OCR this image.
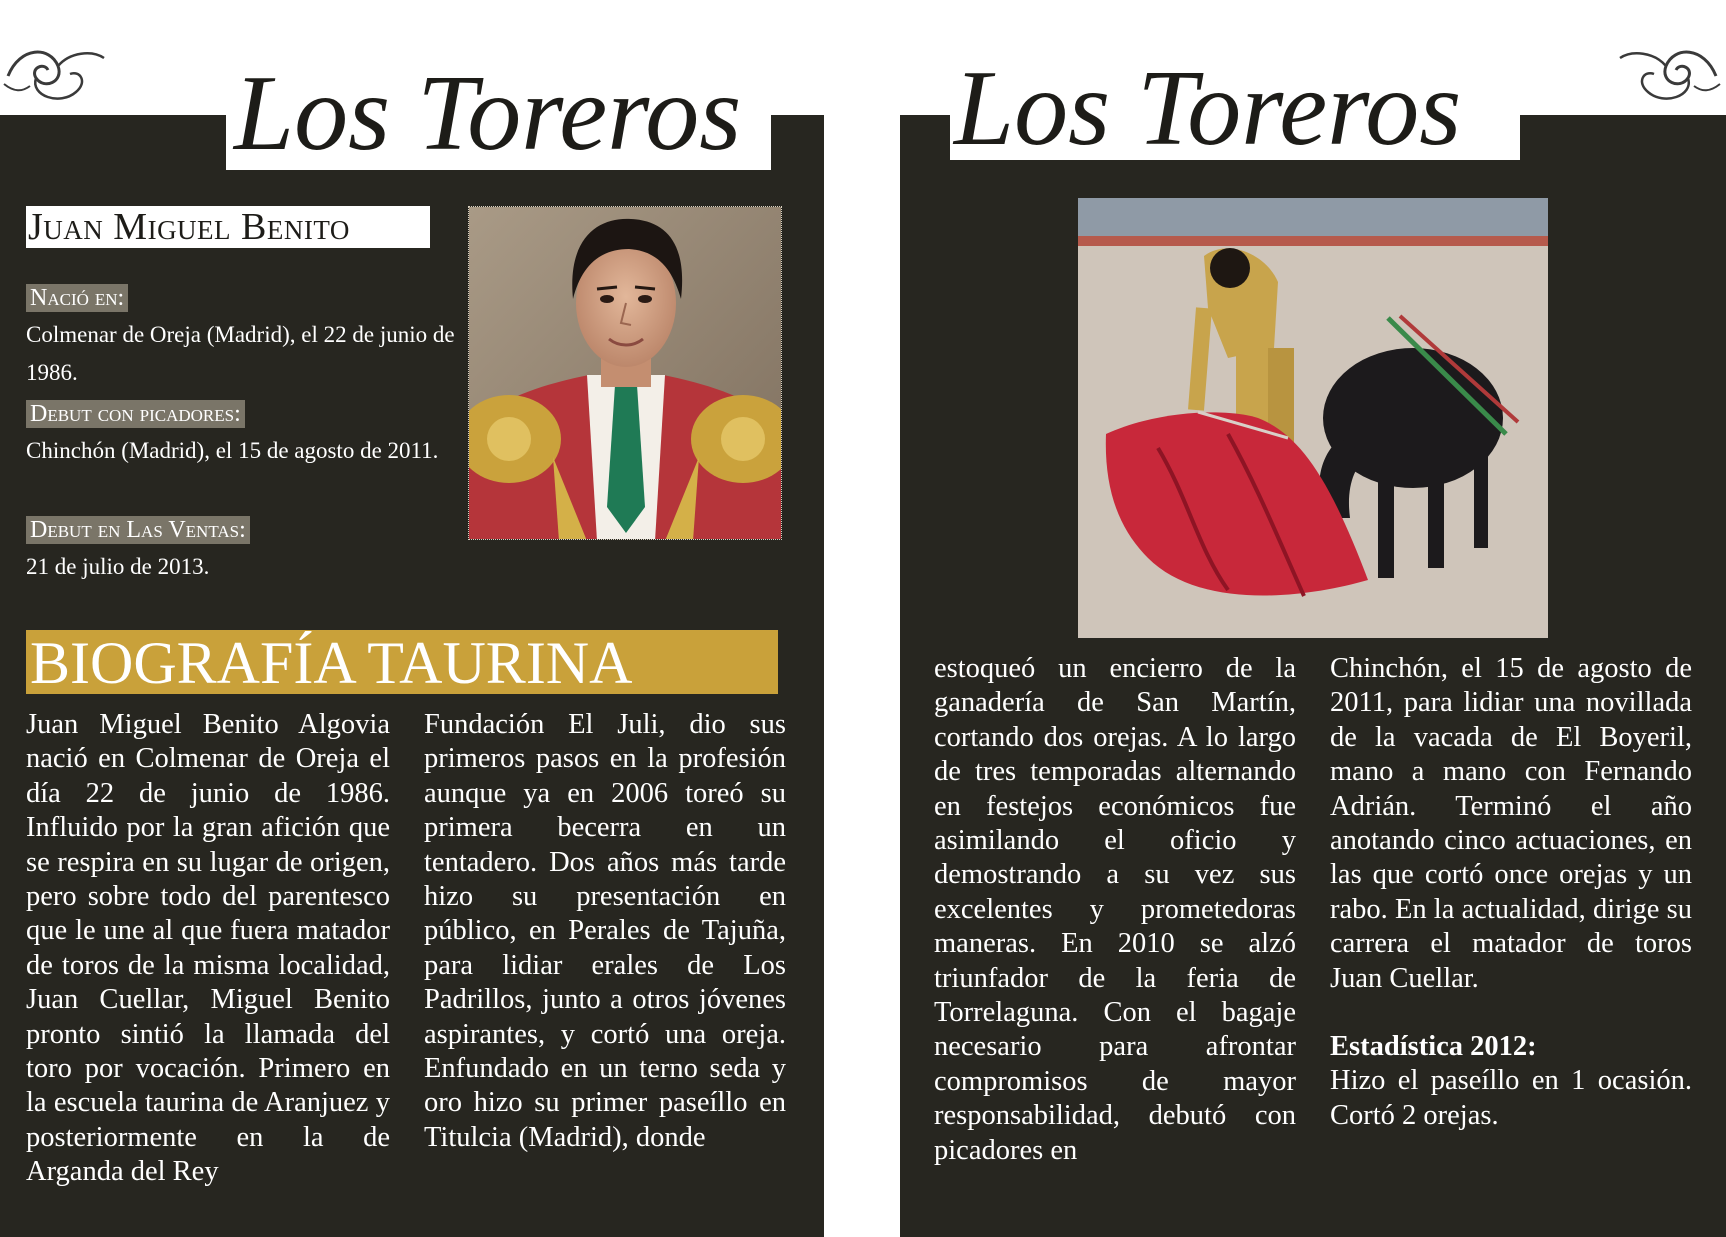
Los Toreros
Juan Miguel Benito
Nació en:
Colmenar de Oreja (Madrid), el 22 de junio de 1986.
Debut con picadores:
Chinchón (Madrid), el 15 de agosto de 2011.
Debut en Las Ventas:
21 de julio de 2013.
BIOGRAFÍA TAURINA

Juan Miguel Benito Algovia nació en Colmenar de Oreja el día 22 de junio de 1986. Influido por la gran afición que se respira en su lugar de origen, pero sobre todo del parentesco que le une al que fuera matador de toros de la misma localidad, Juan Cuellar, Miguel Benito pronto sintió la llamada del toro por vocación. Primero en la escuela taurina de Aranjuez y posteriormente en la de Arganda del Rey

Fundación El Juli, dio sus primeros pasos en la profesión aunque ya en 2006 toreó su primera becerra en un tentadero. Dos años más tarde hizo su presentación en público, en Perales de Tajuña, para lidiar erales de Los Padrillos, junto a otros jóvenes aspirantes, y cortó una oreja. Enfundado en un terno seda y oro hizo su primer paseíllo en Titulcia (Madrid), donde

Los Toreros

estoqueó un encierro de la ganadería de San Martín, cortando dos orejas. A lo largo de tres temporadas alternando en festejos económicos fue asimilando el oficio y demostrando a su vez sus excelentes y prometedoras maneras. En 2010 se alzó triunfador de la feria de Torrelaguna. Con el bagaje necesario para afrontar compromisos de mayor responsabilidad, debutó con picadores en

Chinchón, el 15 de agosto de 2011, para lidiar una novillada de la vacada de El Boyeril, mano a mano con Fernando Adrián. Terminó el año anotando cinco actuaciones, en las que cortó once orejas y un rabo. En la actualidad, dirige su carrera el matador de toros Juan Cuellar.

Estadística 2012:

Hizo el paseíllo en 1 ocasión. Cortó 2 orejas.
